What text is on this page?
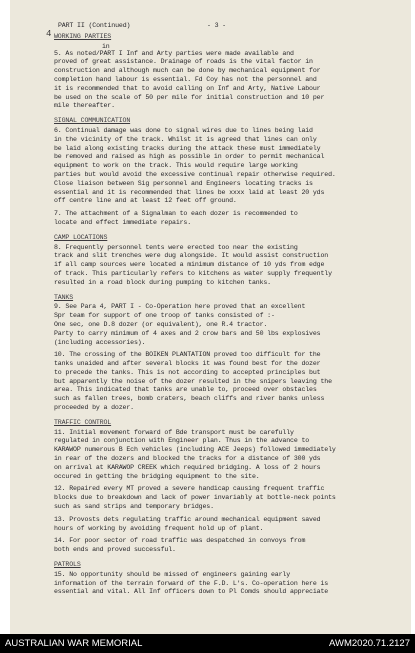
4
PART II (Continued)	- 3 -
WORKING PARTIES
in

5. As noted/PART I Inf and Arty parties were made available and

proved of great assistance. Drainage of roads is the vital factor in

construction and although much can be done by mechanical equipment for

completion hand labour is essential. Fd Coy has not the personnel and

it is recommended that to avoid calling on Inf and Arty, Native Labour

be used on the scale of 50 per mile for initial construction and 10 per

mile thereafter.

SIGNAL COMMUNICATION

6. Continual damage was done to signal wires due to lines being laid

in the vicinity of the track. Whilst it is agreed that lines can only

be laid along existing tracks during the attack these must immediately

be removed and raised as high as possible in order to permit mechanical

equipment to work on the track. This would require large working

parties but would avoid the excessive continual repair otherwise required.

Close liaison between Sig personnel and Engineers locating tracks is

essential and it is recommended that lines be xxxx laid at least 20 yds

off centre line and at least 12 feet off ground.

7. The attachment of a Signalman to each dozer is recommended to

locate and effect immediate repairs.

CAMP LOCATIONS

8. Frequently personnel tents were erected too near the existing

track and slit trenches were dug alongside. It would assist construction

if all camp sources were located a minimum distance of 10 yds from edge

of track. This particularly refers to kitchens as water supply frequently

resulted in a road block during pumping to kitchen tanks.

TANKS

9. See Para 4, PART I - Co-Operation here proved that an excellent

Spr team for support of one troop of tanks consisted of :-

One sec, one D.8 dozer (or equivalent), one R.4 tractor.

Party to carry minimum of 4 axes and 2 crow bars and 50 lbs explosives

(including accessories).

10. The crossing of the BOIKEN PLANTATION proved too difficult for the

tanks unaided and after several blocks it was found best for the dozer

to precede the tanks. This is not according to accepted principles but

but apparently the noise of the dozer resulted in the snipers leaving the

area. This indicated that tanks are unable to, proceed over obstacles

such as fallen trees, bomb craters, beach cliffs and river banks unless

proceeded by a dozer.

TRAFFIC CONTROL

11. Initial movement forward of Bde transport must be carefully

regulated in conjunction with Engineer plan. Thus in the advance to

KARAWOP numerous B Ech vehicles (including ACE Jeeps) followed immediately

in rear of the dozers and blocked the tracks for a distance of 300 yds

on arrival at KARAWOP CREEK which required bridging. A loss of 2 hours

occured in getting the bridging equipment to the site.

12. Repaired every MT proved a severe handicap causing frequent traffic

blocks due to breakdown and lack of power invariably at bottle-neck points

such as sand strips and temporary bridges.

13. Provosts dets regulating traffic around mechanical equipment saved

hours of working by avoiding frequent hold up of plant.

14. For poor sector of road traffic was despatched in convoys from

both ends and proved successful.

PATROLS

15. No opportunity should be missed of engineers gaining early

information of the terrain forward of the F.D. L's. Co-operation here is

essential and vital. All Inf officers down to Pl Comds should appreciate

AUSTRALIAN WAR MEMORIAL	AWM2020.71.2127
